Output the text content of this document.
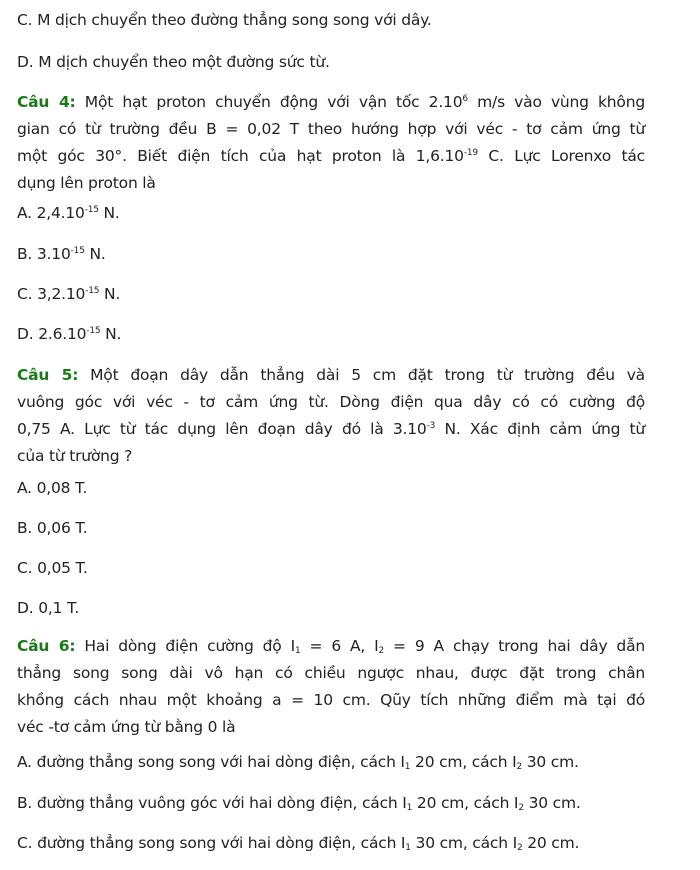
C. M dịch chuyển theo đường thẳng song song với dây.
D. M dịch chuyển theo một đường sức từ.
Câu 4: Một hạt proton chuyển động với vận tốc 2.10$^6$ m/s vào vùng không
gian có từ trường đều B = 0,02 T theo hướng hợp với véc - tơ cảm ứng từ
một góc 30°. Biết điện tích của hạt proton là $1,6.10^{-19}$ C. Lực Lorenxo tác
dụng lên proton là
A. $2,4.10^{-15}$ N.
B. $3.10^{-15}$ N.
C. $3,2.10^{-15}$ N.
D. $2.6.10^{-15}$ N.
Câu 5: Một đoạn dây dẫn thẳng dài 5 cm đặt trong từ trường đều và
vuông góc với véc - tơ cảm ứng từ. Dòng điện qua dây có có cường độ
0,75 A. Lực từ tác dụng lên đoạn dây đó là $3.10^{-3}$ N. Xác định cảm ứng từ
của từ trường ?
A. 0,08 T.
B. 0,06 T.
C. 0,05 T.
D. 0,1 T.
Câu 6: Hai dòng điện cường độ $I_1 = 6$ A, $I_2 = 9$ A chạy trong hai dây dẫn
thẳng song song dài vô hạn có chiều ngược nhau, được đặt trong chân
khồng cách nhau một khoảng a = 10 cm. Qũy tích những điểm mà tại đó
véc -tơ cảm ứng từ bằng 0 là
A. đường thẳng song song với hai dòng điện, cách $I_1$ 20 cm, cách $I_2$ 30 cm.
B. đường thẳng vuông góc với hai dòng điện, cách $I_1$ 20 cm, cách $I_2$ 30 cm.
C. đường thẳng song song với hai dòng điện, cách $I_1$ 30 cm, cách $I_2$ 20 cm.
